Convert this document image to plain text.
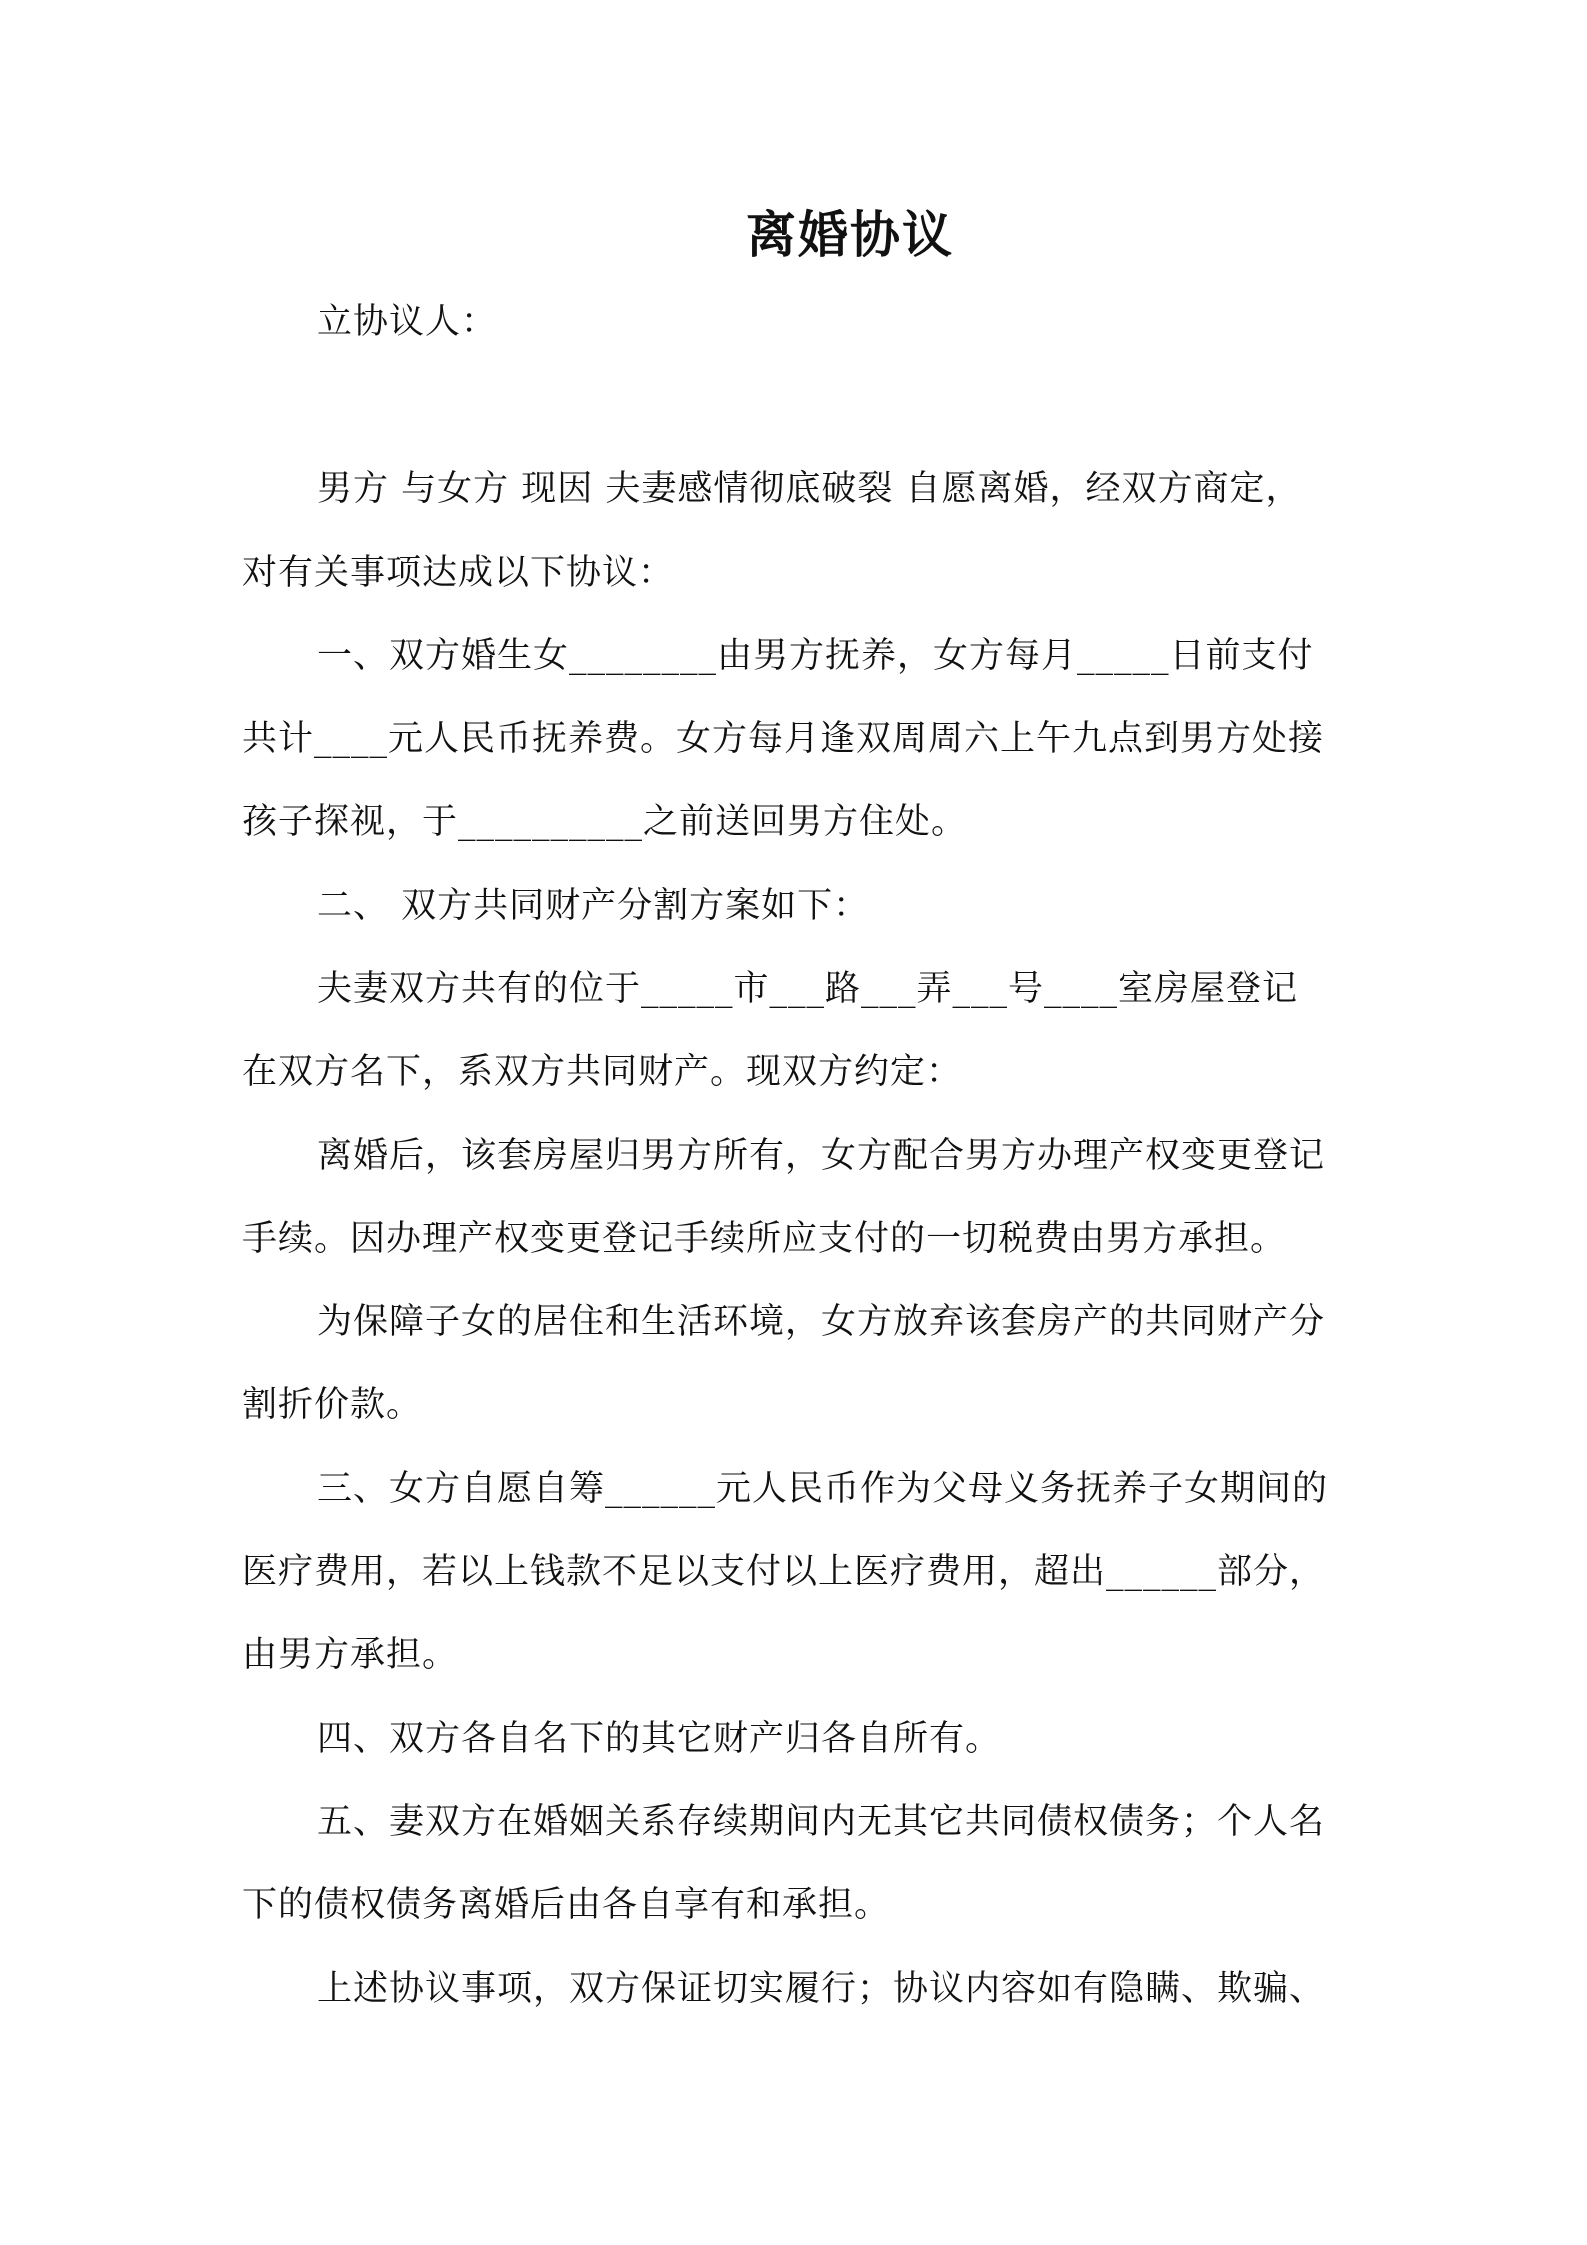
离婚协议
立协议人：
男方 与女方 现因 夫妻感情彻底破裂 自愿离婚，经双方商定，
对有关事项达成以下协议：
一、双方婚生女________由男方抚养，女方每月_____日前支付
共计____元人民币抚养费。女方每月逢双周周六上午九点到男方处接
孩子探视，于__________之前送回男方住处。
二、 双方共同财产分割方案如下：
夫妻双方共有的位于_____市___路___弄___号____室房屋登记
在双方名下，系双方共同财产。现双方约定：
离婚后，该套房屋归男方所有，女方配合男方办理产权变更登记
手续。因办理产权变更登记手续所应支付的一切税费由男方承担。
为保障子女的居住和生活环境，女方放弃该套房产的共同财产分
割折价款。
三、女方自愿自筹______元人民币作为父母义务抚养子女期间的
医疗费用，若以上钱款不足以支付以上医疗费用，超出______部分，
由男方承担。
四、双方各自名下的其它财产归各自所有。
五、妻双方在婚姻关系存续期间内无其它共同债权债务；个人名
下的债权债务离婚后由各自享有和承担。
上述协议事项，双方保证切实履行；协议内容如有隐瞒、欺骗、
